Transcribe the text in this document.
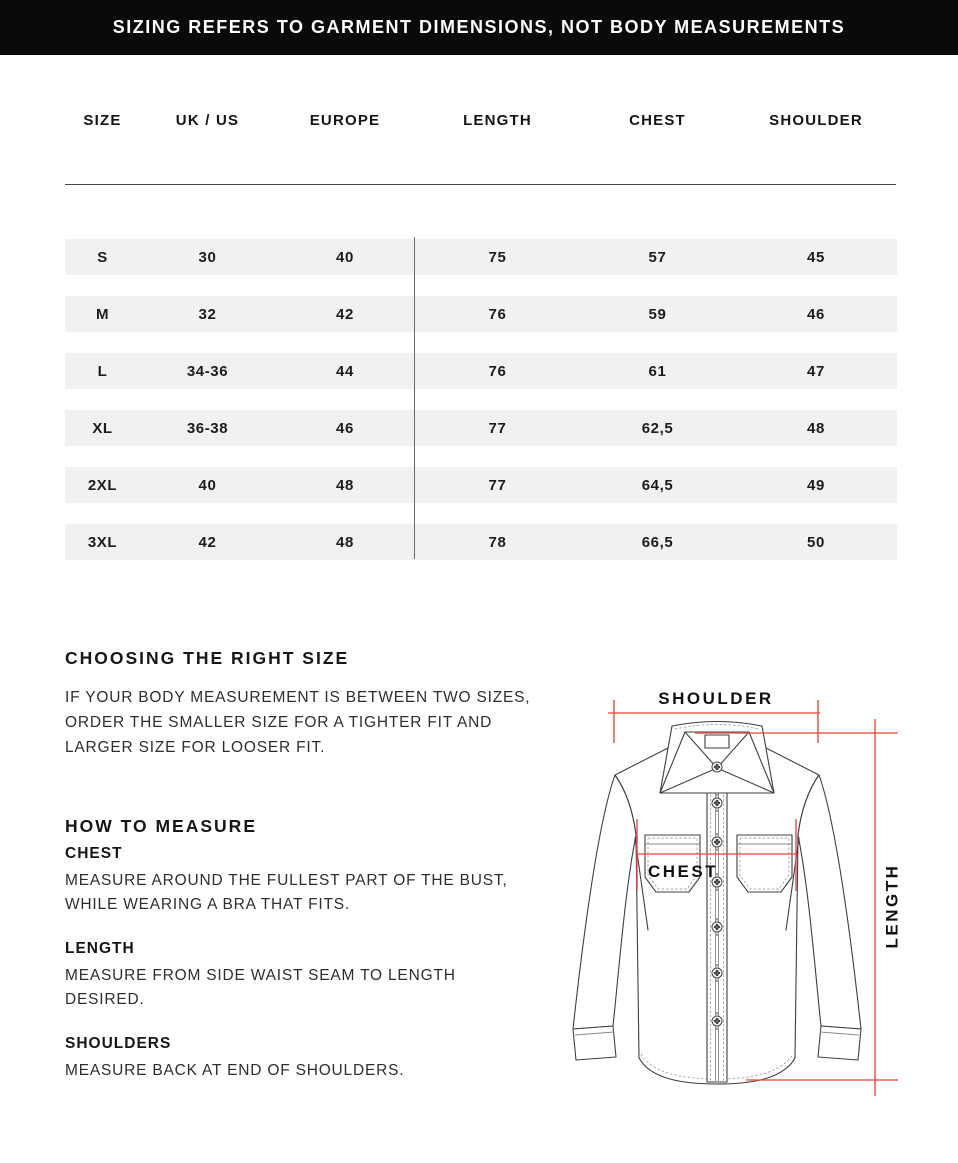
SIZING REFERS TO GARMENT DIMENSIONS, NOT BODY MEASUREMENTS
SIZE	UK / US	EUROPE	LENGTH	CHEST	SHOULDER
S	30	40	75	57	45
M	32	42	76	59	46
L	34-36	44	76	61	47
XL	36-38	46	77	62,5	48
2XL	40	48	77	64,5	49
3XL	42	48	78	66,5	50
CHOOSING THE RIGHT SIZE
IF YOUR BODY MEASUREMENT IS BETWEEN TWO SIZES,
ORDER THE SMALLER SIZE FOR A TIGHTER FIT AND
LARGER SIZE FOR LOOSER FIT.
HOW TO MEASURE
CHEST
MEASURE AROUND THE FULLEST PART OF THE BUST,
WHILE WEARING A BRA THAT FITS.
LENGTH
MEASURE FROM SIDE WAIST SEAM TO LENGTH
DESIRED.
SHOULDERS
MEASURE BACK AT END OF SHOULDERS.
SHOULDER
CHEST	LENGTH
